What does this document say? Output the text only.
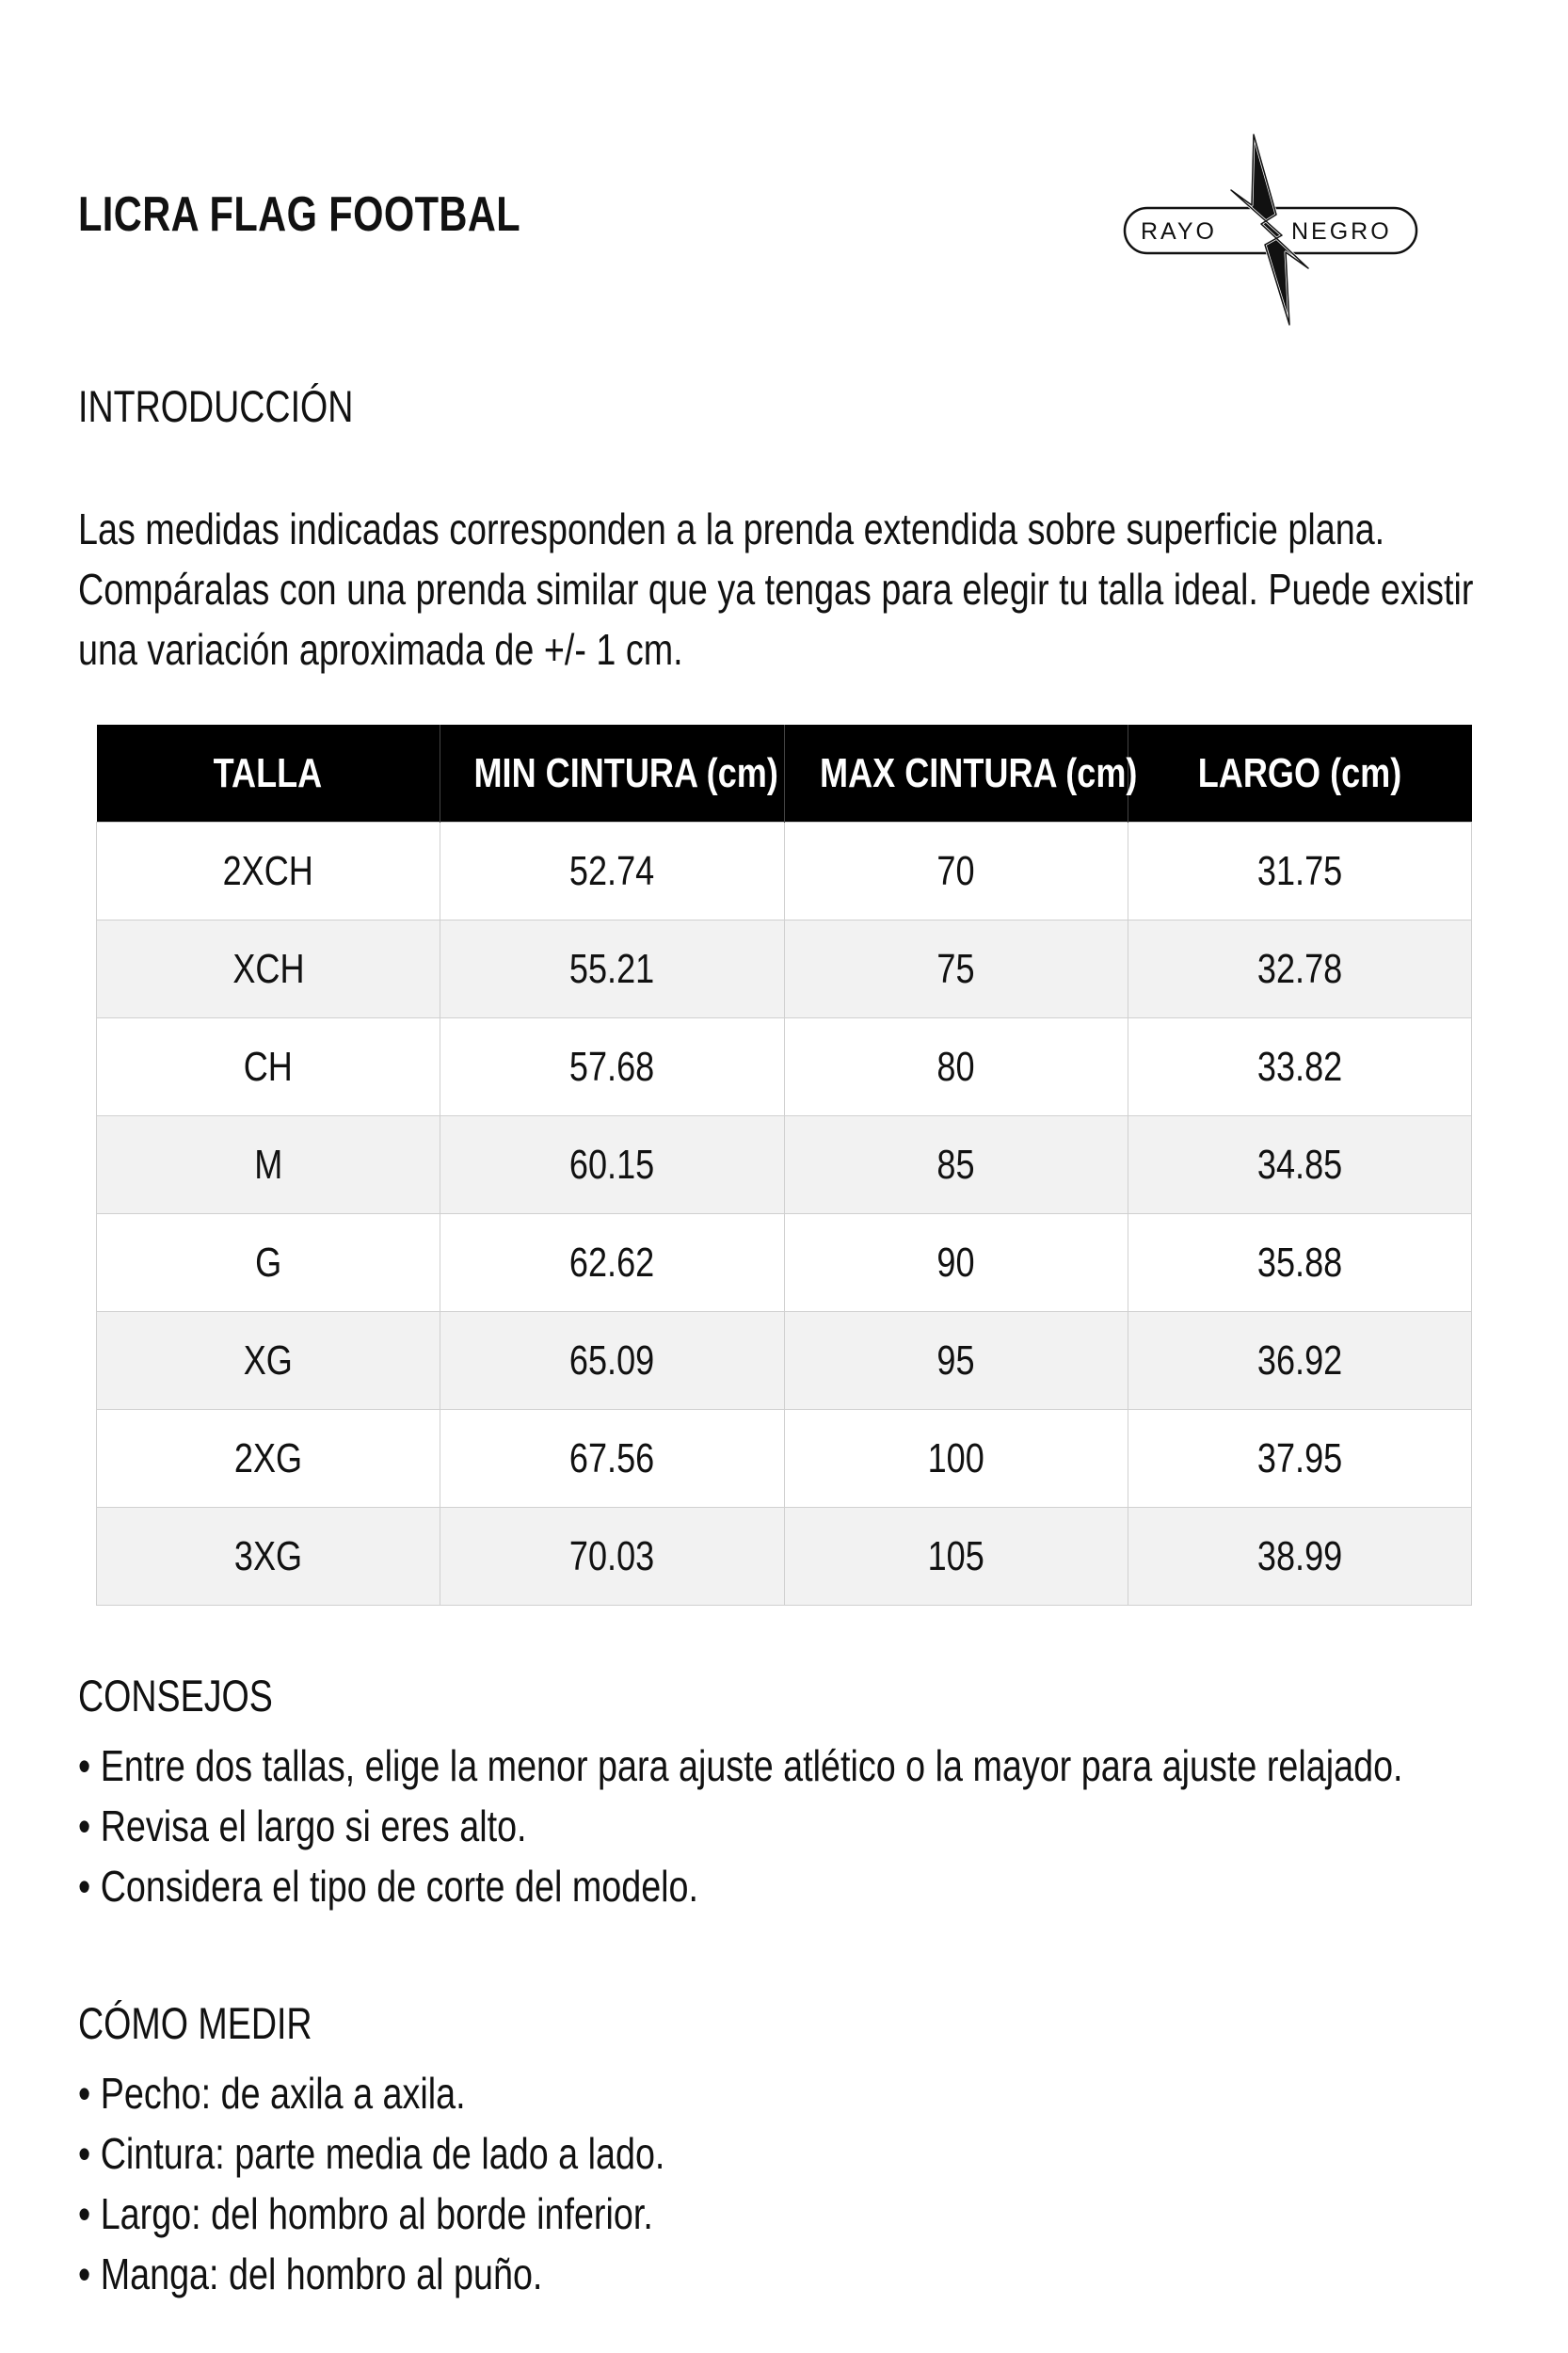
LICRA FLAG FOOTBAL	RAYO	NEGRO
INTRODUCCIÓN
Las medidas indicadas corresponden a la prenda extendida sobre superficie plana.
Compáralas con una prenda similar que ya tengas para elegir tu talla ideal. Puede existir
una variación aproximada de +/- 1 cm.
TALLA	MIN CINTURA (cm)	MAX CINTURA (cm)	LARGO (cm)
2XCH	52.74	70	31.75
XCH	55.21	75	32.78
CH	57.68	80	33.82
M	60.15	85	34.85
G	62.62	90	35.88
XG	65.09	95	36.92
2XG	67.56	100	37.95
3XG	70.03	105	38.99
CONSEJOS
• Entre dos tallas, elige la menor para ajuste atlético o la mayor para ajuste relajado.
• Revisa el largo si eres alto.
• Considera el tipo de corte del modelo.
CÓMO MEDIR
• Pecho: de axila a axila.
• Cintura: parte media de lado a lado.
• Largo: del hombro al borde inferior.
• Manga: del hombro al puño.
